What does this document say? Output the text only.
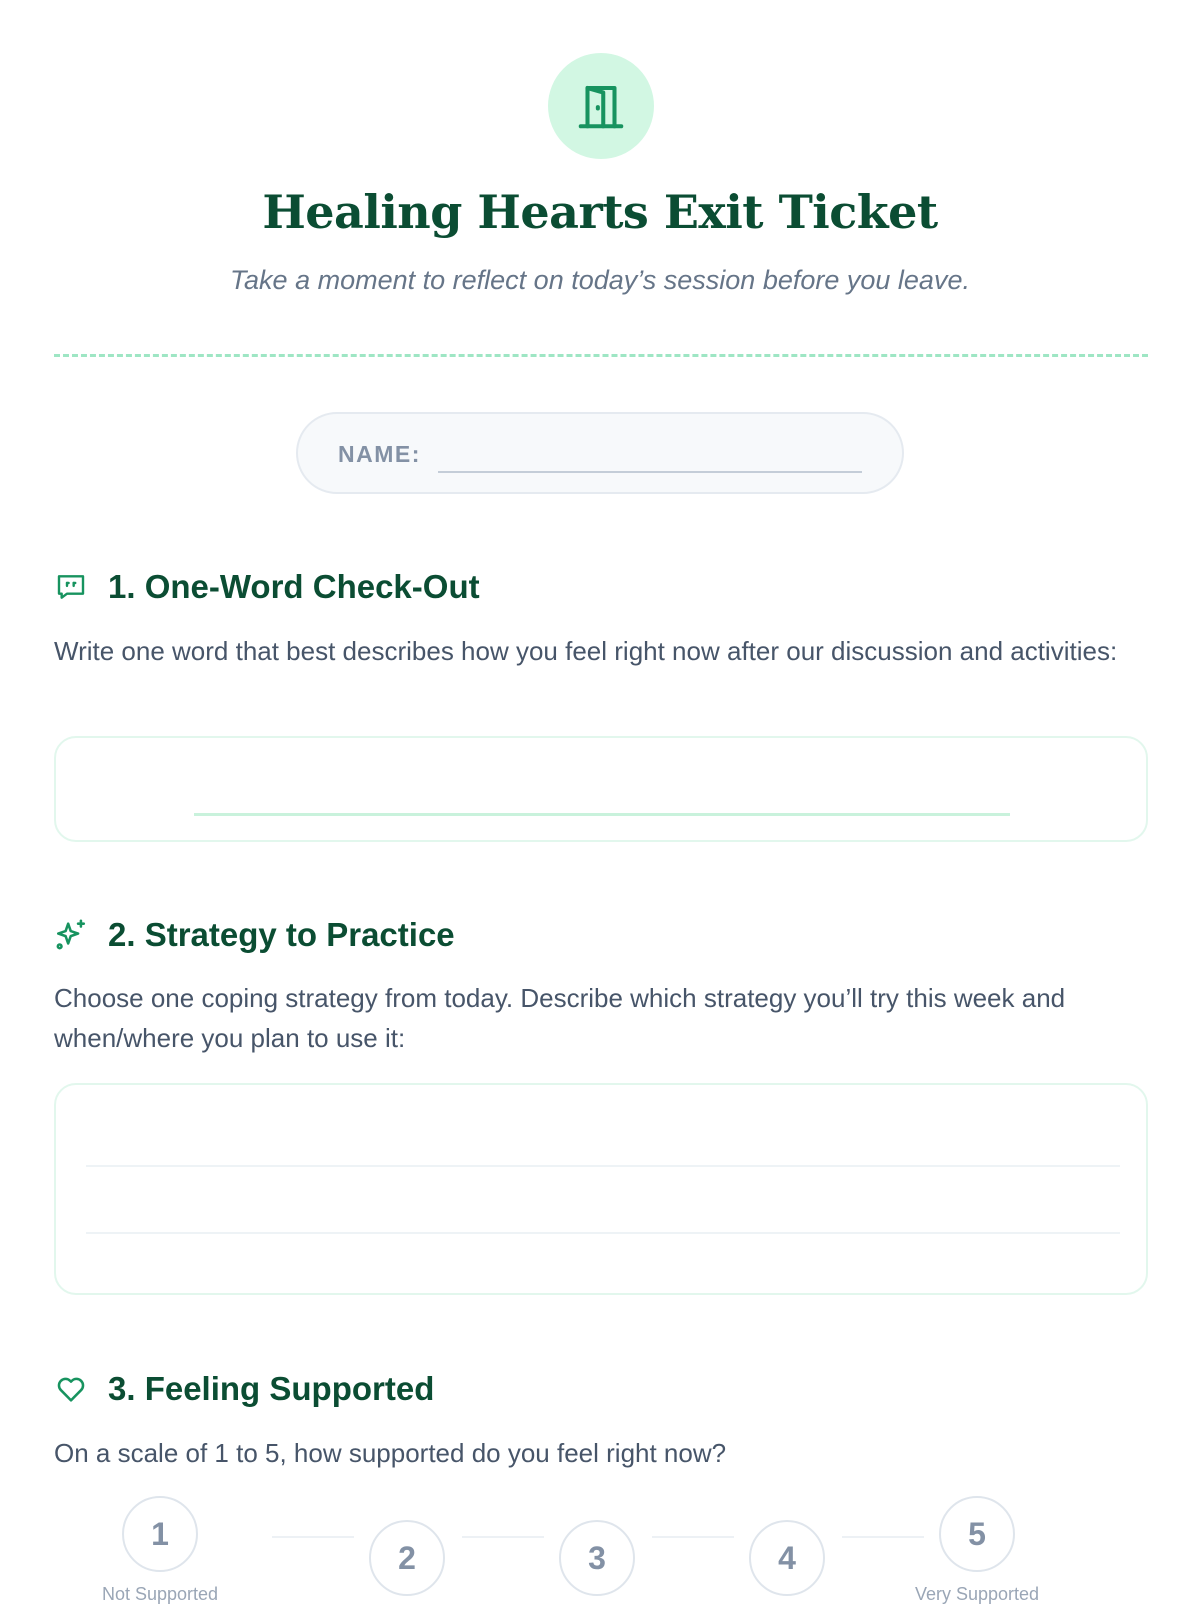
Healing Hearts Exit Ticket

Take a moment to reflect on today’s session before you leave.

NAME:
1. One-Word Check-Out

Write one word that best describes how you feel right now after our discussion and activities:

2. Strategy to Practice

Choose one coping strategy from today. Describe which strategy you’ll try this week and when/where you plan to use it:

3. Feeling Supported

On a scale of 1 to 5, how supported do you feel right now?

1
2	3	4
5
Not Supported	Very Supported
